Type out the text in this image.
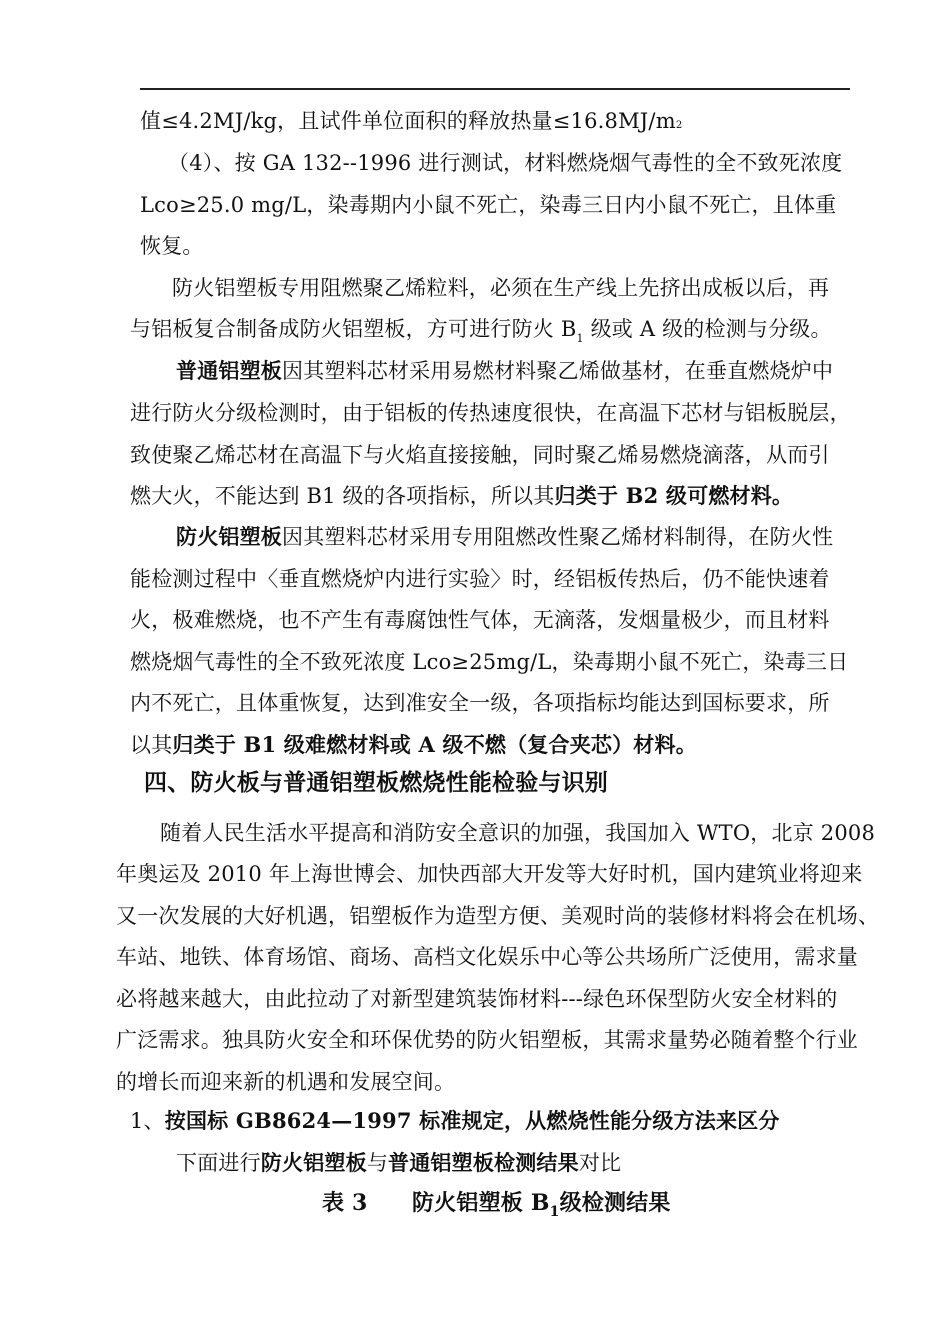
值≤4.2MJ/kg，且试件单位面积的释放热量≤16.8MJ/m2
（4）、按 GA 132--1996 进行测试，材料燃烧烟气毒性的全不致死浓度
Lco≥25.0 mg/L，染毒期内小鼠不死亡，染毒三日内小鼠不死亡，且体重
恢复。
防火铝塑板专用阻燃聚乙烯粒料，必须在生产线上先挤出成板以后，再
与铝板复合制备成防火铝塑板，方可进行防火 $B_1$ 级或 A 级的检测与分级。
普通铝塑板因其塑料芯材采用易燃材料聚乙烯做基材，在垂直燃烧炉中
进行防火分级检测时，由于铝板的传热速度很快，在高温下芯材与铝板脱层，
致使聚乙烯芯材在高温下与火焰直接接触，同时聚乙烯易燃烧滴落，从而引
燃大火，不能达到 B1 级的各项指标，所以其归类于 B2 级可燃材料。
防火铝塑板因其塑料芯材采用专用阻燃改性聚乙烯材料制得，在防火性
能检测过程中〈垂直燃烧炉内进行实验〉时，经铝板传热后，仍不能快速着
火，极难燃烧，也不产生有毒腐蚀性气体，无滴落，发烟量极少，而且材料
燃烧烟气毒性的全不致死浓度 Lco≥25mg/L，染毒期小鼠不死亡，染毒三日
内不死亡，且体重恢复，达到准安全一级，各项指标均能达到国标要求，所
以其归类于 B1 级难燃材料或 A 级不燃（复合夹芯）材料。
四、防火板与普通铝塑板燃烧性能检验与识别
随着人民生活水平提高和消防安全意识的加强，我国加入 WTO，北京 2008
年奥运及 2010 年上海世博会、加快西部大开发等大好时机，国内建筑业将迎来
又一次发展的大好机遇，铝塑板作为造型方便、美观时尚的装修材料将会在机场、
车站、地铁、体育场馆、商场、高档文化娱乐中心等公共场所广泛使用，需求量
必将越来越大，由此拉动了对新型建筑装饰材料---绿色环保型防火安全材料的
广泛需求。独具防火安全和环保优势的防火铝塑板，其需求量势必随着整个行业
的增长而迎来新的机遇和发展空间。
1、按国标 GB8624—1997 标准规定，从燃烧性能分级方法来区分
下面进行防火铝塑板与普通铝塑板检测结果对比
表 3　　防火铝塑板 $B_1$级检测结果
